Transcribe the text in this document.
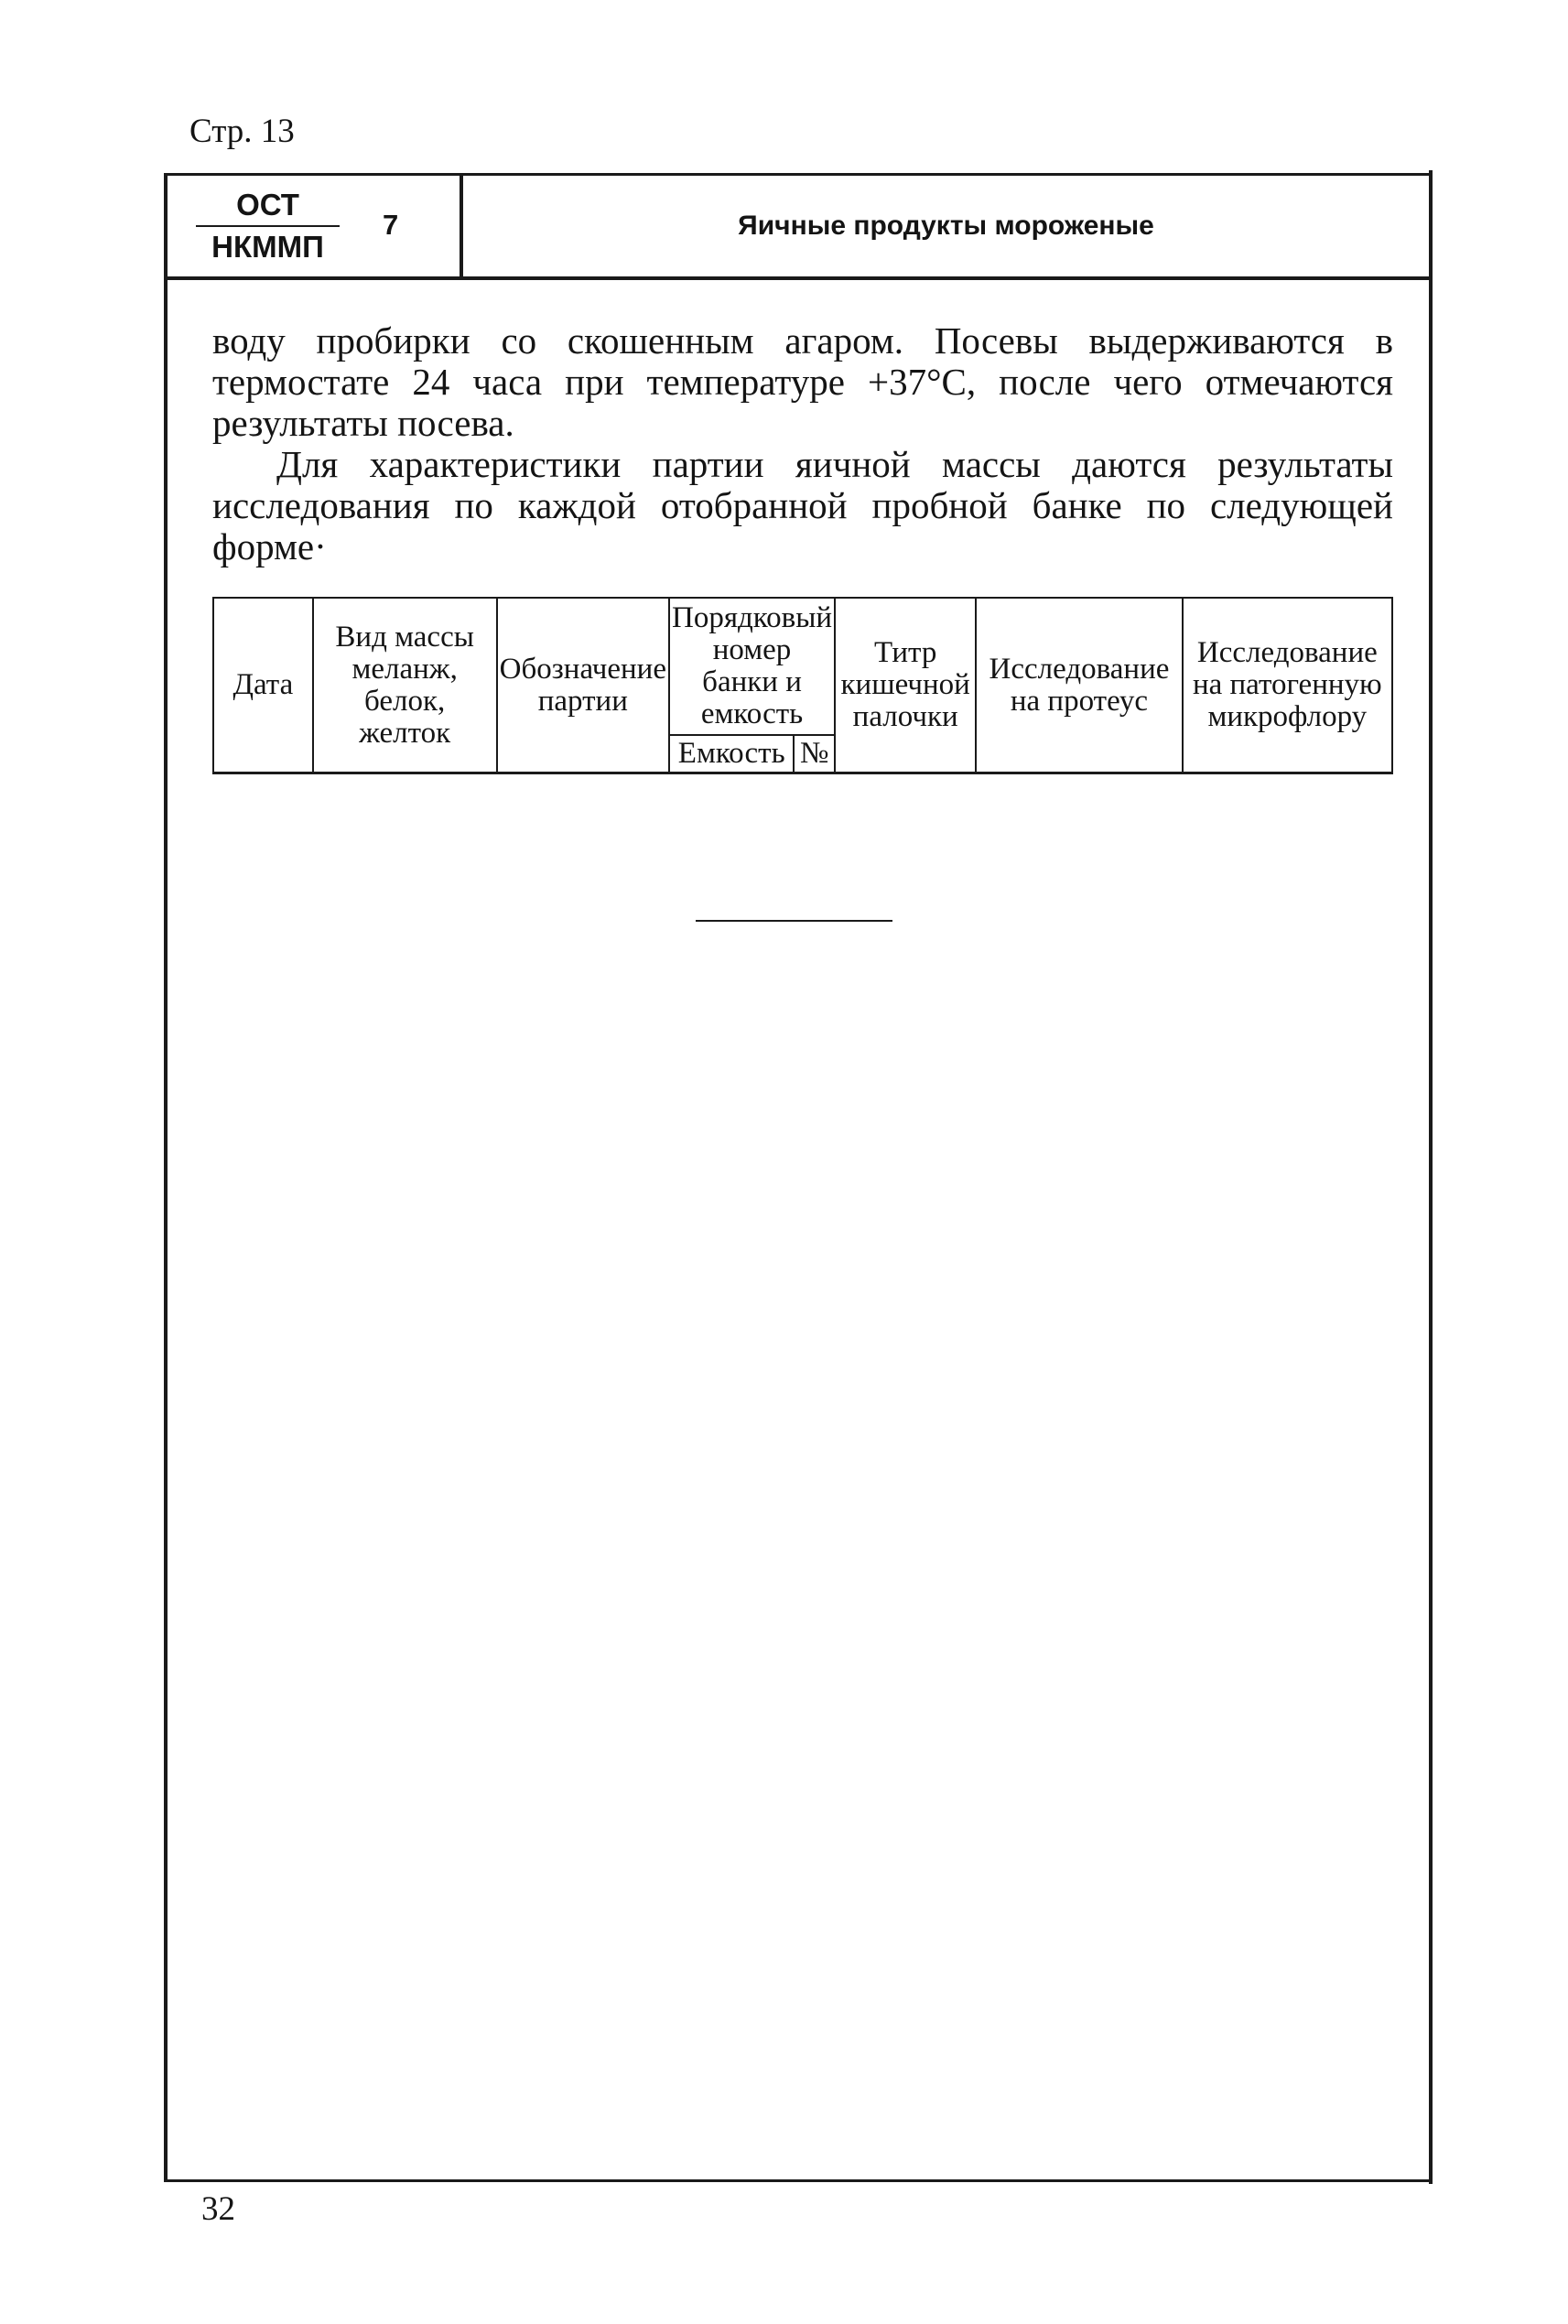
Стр. 13
ОСТ
НКММП
7	Яичные продукты мороженые

воду пробирки со скошенным агаром. Посевы выдерживаются в термостате 24 часа при температуре +37°С, после чего отмечаются результаты посева.

Для характеристики партии яичной массы даются результаты исследования по каждой отобранной пробной банке по следующей форме·

Дата	Вид массы меланж, белок, желток	Обозначение партии	Порядковый номер банки и емкость		Титр кишечной палочки	Исследование на протеус	Исследование на патогенную микрофлору
			Емкость	№			
32
